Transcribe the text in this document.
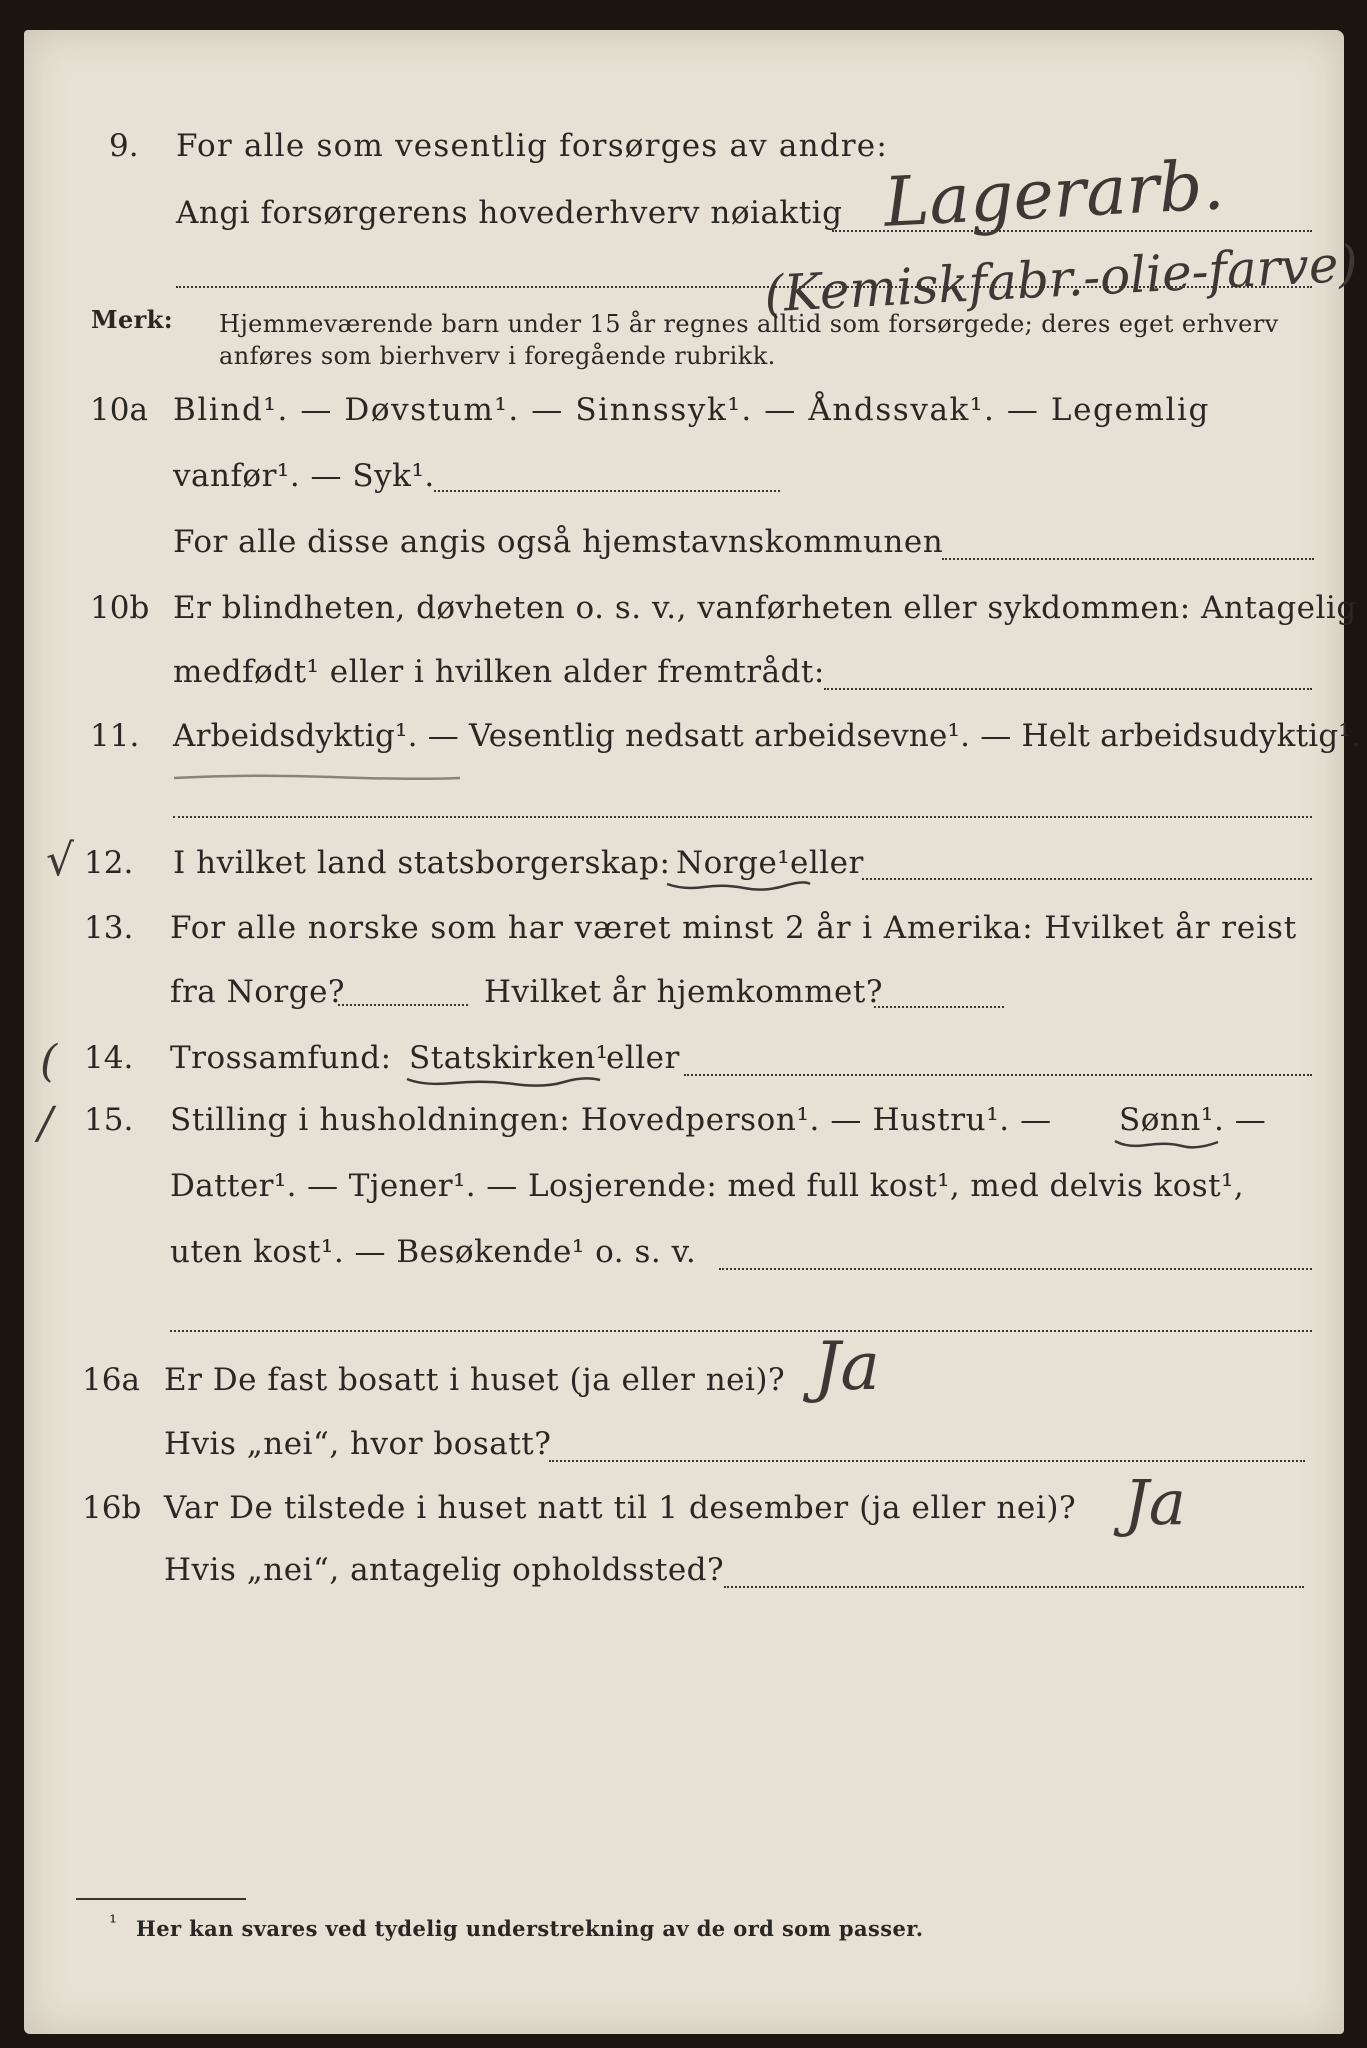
9. For alle som vesentlig forsørges av andre:
Angi forsørgerens hovederhverv nøiaktig Lagerarb.
(Kemiskfabr.-olie-farve)
Merk: Hjemmeværende barn under 15 år regnes alltid som forsørgede; deres eget erhverv
anføres som bierhverv i foregående rubrikk.
10a Blind¹. — Døvstum¹. — Sinnssyk¹. — Åndssvak¹. — Legemlig
vanfør¹. — Syk¹.
For alle disse angis også hjemstavnskommunen
10b Er blindheten, døvheten o. s. v., vanførheten eller sykdommen: Antagelig
medfødt¹ eller i hvilken alder fremtrådt:
11. Arbeidsdyktig¹. — Vesentlig nedsatt arbeidsevne¹. — Helt arbeidsudyktig¹.
√ 12. I hvilket land statsborgerskap: Norge¹ eller
13. For alle norske som har været minst 2 år i Amerika: Hvilket år reist
fra Norge?	Hvilket år hjemkommet?
( 14. Trossamfund: Statskirken¹
eller
/ 15. Stilling i husholdningen: Hovedperson¹. — Hustru¹. — Sønn¹ . —
Datter¹. — Tjener¹. — Losjerende: med full kost¹, med delvis kost¹,
uten kost¹. — Besøkende¹ o. s. v.
16a Er De fast bosatt i huset (ja eller nei)? Ja
Hvis „nei“, hvor bosatt?
16b Var De tilstede i huset natt til 1 desember (ja eller nei)? Ja
Hvis „nei“, antagelig opholdssted?
¹ Her kan svares ved tydelig understrekning av de ord som passer.
